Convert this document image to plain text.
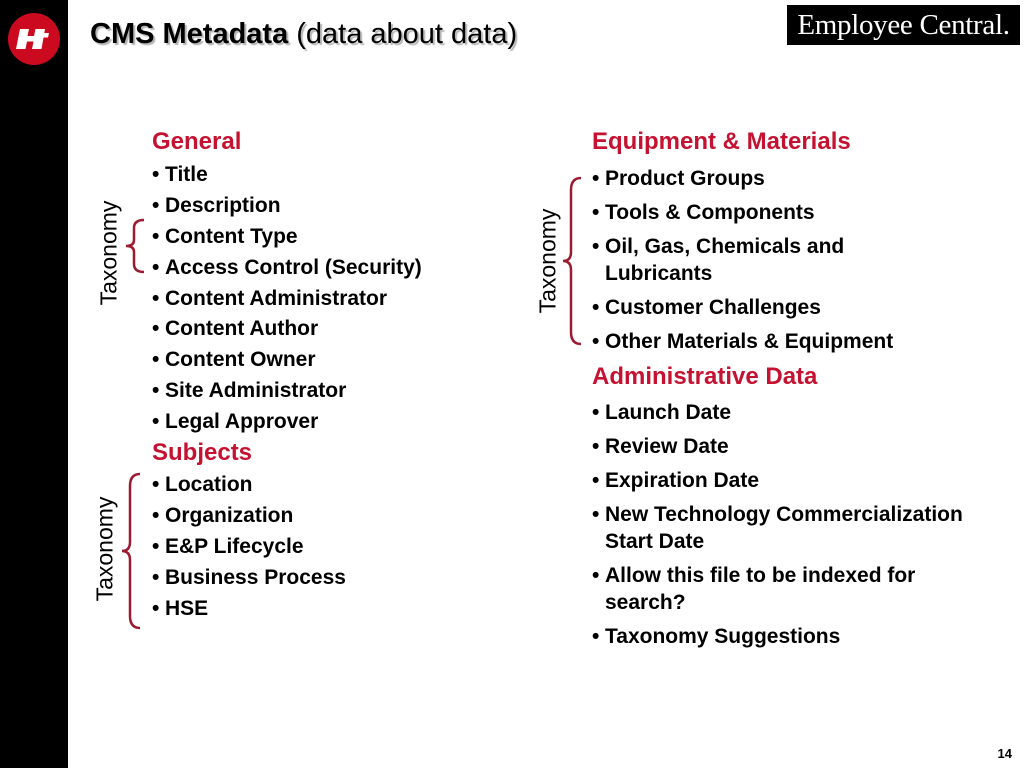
CMS Metadata (data about data)	Employee Central.
General
• Title
• Description
• Content Type
• Access Control (Security)
• Content Administrator
• Content Author
• Content Owner
• Site Administrator
• Legal Approver
Subjects
• Location
• Organization
• E&P Lifecycle
• Business Process
• HSE
Equipment & Materials
• Product Groups
• Tools & Components
• Oil, Gas, Chemicals and Lubricants
• Customer Challenges
• Other Materials & Equipment
Administrative Data
• Launch Date
• Review Date
• Expiration Date
• New Technology Commercialization Start Date
• Allow this file to be indexed for search?
• Taxonomy Suggestions
Taxonomy
Taxonomy
Taxonomy
14
